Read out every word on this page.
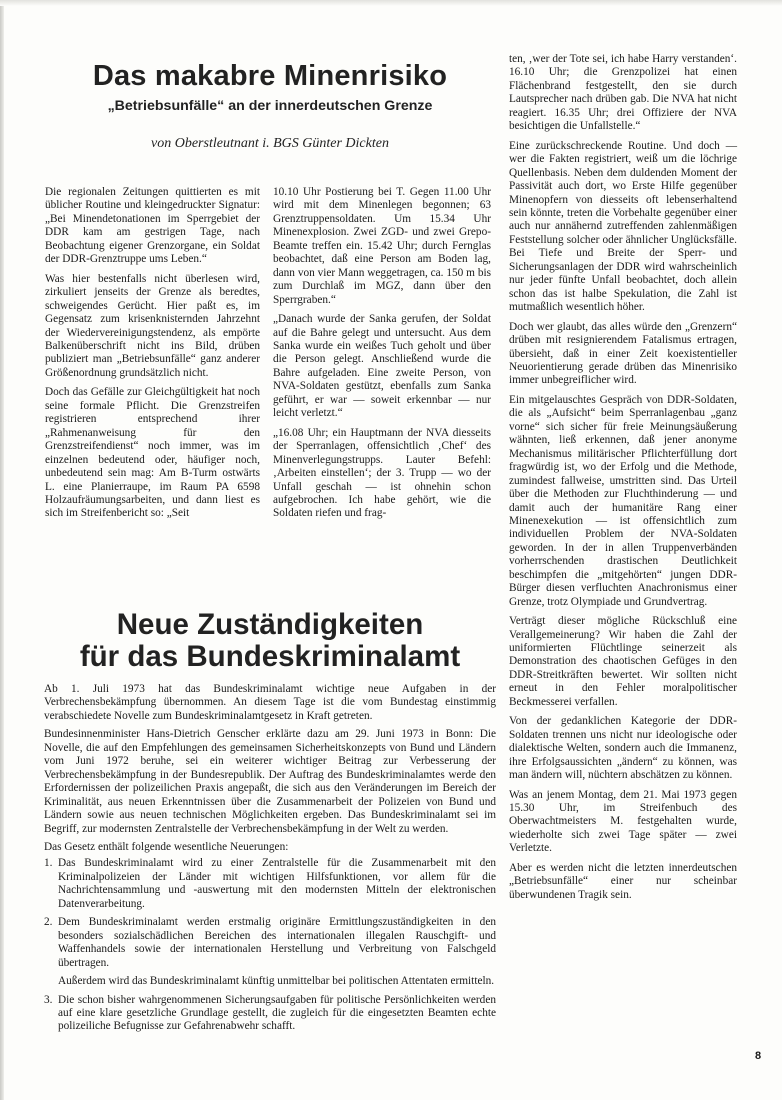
Das makabre Minenrisiko
„Betriebsunfälle“ an der innerdeutschen Grenze
von Oberstleutnant i. BGS Günter Dickten

Die regionalen Zeitungen quittierten es mit üblicher Routine und kleingedruckter Signatur: „Bei Minendetonationen im Sperrgebiet der DDR kam am gestrigen Tage, nach Beobachtung eigener Grenzorgane, ein Soldat der DDR-Grenztruppe ums Leben.“

Was hier bestenfalls nicht überlesen wird, zirkuliert jenseits der Grenze als beredtes, schweigendes Gerücht. Hier paßt es, im Gegensatz zum krisenknisternden Jahrzehnt der Wiedervereinigungstendenz, als empörte Balkenüberschrift nicht ins Bild, drüben publiziert man „Betriebsunfälle“ ganz anderer Größenordnung grundsätzlich nicht.

Doch das Gefälle zur Gleichgültigkeit hat noch seine formale Pflicht. Die Grenzstreifen registrieren entsprechend ihrer „Rahmenanweisung für den Grenzstreifendienst“ noch immer, was im einzelnen bedeutend oder, häufiger noch, unbedeutend sein mag: Am B-Turm ostwärts L. eine Planierraupe, im Raum PA 6598 Holzaufräumungsarbeiten, und dann liest es sich im Streifenbericht so: „Seit

10.10 Uhr Postierung bei T. Gegen 11.00 Uhr wird mit dem Minenlegen begonnen; 63 Grenztruppensoldaten. Um 15.34 Uhr Minenexplosion. Zwei ZGD- und zwei Grepo-Beamte treffen ein. 15.42 Uhr; durch Fernglas beobachtet, daß eine Person am Boden lag, dann von vier Mann weggetragen, ca. 150 m bis zum Durchlaß im MGZ, dann über den Sperrgraben.“

„Danach wurde der Sanka gerufen, der Soldat auf die Bahre gelegt und untersucht. Aus dem Sanka wurde ein weißes Tuch geholt und über die Person gelegt. Anschließend wurde die Bahre aufgeladen. Eine zweite Person, von NVA-Soldaten gestützt, ebenfalls zum Sanka geführt, er war — soweit erkennbar — nur leicht verletzt.“

„16.08 Uhr; ein Hauptmann der NVA diesseits der Sperranlagen, offensichtlich ‚Chef‘ des Minenverlegungstrupps. Lauter Befehl: ‚Arbeiten einstellen‘; der 3. Trupp — wo der Unfall geschah — ist ohnehin schon aufgebrochen. Ich habe gehört, wie die Soldaten riefen und frag-

ten, ‚wer der Tote sei, ich habe Harry verstanden‘. 16.10 Uhr; die Grenzpolizei hat einen Flächenbrand festgestellt, den sie durch Lautsprecher nach drüben gab. Die NVA hat nicht reagiert. 16.35 Uhr; drei Offiziere der NVA besichtigen die Unfallstelle.“

Eine zurückschreckende Routine. Und doch — wer die Fakten registriert, weiß um die löchrige Quellenbasis. Neben dem duldenden Moment der Passivität auch dort, wo Erste Hilfe gegenüber Minenopfern von diesseits oft lebenserhaltend sein könnte, treten die Vorbehalte gegenüber einer auch nur annähernd zutreffenden zahlenmäßigen Feststellung solcher oder ähnlicher Unglücksfälle. Bei Tiefe und Breite der Sperr- und Sicherungsanlagen der DDR wird wahrscheinlich nur jeder fünfte Unfall beobachtet, doch allein schon das ist halbe Spekulation, die Zahl ist mutmaßlich wesentlich höher.

Doch wer glaubt, das alles würde den „Grenzern“ drüben mit resignierendem Fatalismus ertragen, übersieht, daß in einer Zeit koexistentieller Neuorientierung gerade drüben das Minenrisiko immer unbegreiflicher wird.

Ein mitgelauschtes Gespräch von DDR-Soldaten, die als „Aufsicht“ beim Sperranlagenbau „ganz vorne“ sich sicher für freie Meinungsäußerung wähnten, ließ erkennen, daß jener anonyme Mechanismus militärischer Pflichterfüllung dort fragwürdig ist, wo der Erfolg und die Methode, zumindest fallweise, umstritten sind. Das Urteil über die Methoden zur Fluchthinderung — und damit auch der humanitäre Rang einer Minenexekution — ist offensichtlich zum individuellen Problem der NVA-Soldaten geworden. In der in allen Truppenverbänden vorherrschenden drastischen Deutlichkeit beschimpfen die „mitgehörten“ jungen DDR-Bürger diesen verfluchten Anachronismus einer Grenze, trotz Olympiade und Grundvertrag.

Verträgt dieser mögliche Rückschluß eine Verallgemeinerung? Wir haben die Zahl der uniformierten Flüchtlinge seinerzeit als Demonstration des chaotischen Gefüges in den DDR-Streitkräften bewertet. Wir sollten nicht erneut in den Fehler moralpolitischer Beckmesserei verfallen.

Von der gedanklichen Kategorie der DDR-Soldaten trennen uns nicht nur ideologische oder dialektische Welten, sondern auch die Immanenz, ihre Erfolgsaussichten „ändern“ zu können, was man ändern will, nüchtern abschätzen zu können.

Was an jenem Montag, dem 21. Mai 1973 gegen 15.30 Uhr, im Streifenbuch des Oberwachtmeisters M. festgehalten wurde, wiederholte sich zwei Tage später — zwei Verletzte.

Aber es werden nicht die letzten innerdeutschen „Betriebsunfälle“ einer nur scheinbar überwundenen Tragik sein.

Neue Zuständigkeiten
für das Bundeskriminalamt

Ab 1. Juli 1973 hat das Bundeskriminalamt wichtige neue Aufgaben in der Verbrechensbekämpfung übernommen. An diesem Tage ist die vom Bundestag einstimmig verabschiedete Novelle zum Bundeskriminalamtgesetz in Kraft getreten.

Bundesinnenminister Hans-Dietrich Genscher erklärte dazu am 29. Juni 1973 in Bonn: Die Novelle, die auf den Empfehlungen des gemeinsamen Sicherheitskonzepts von Bund und Ländern vom Juni 1972 beruhe, sei ein weiterer wichtiger Beitrag zur Verbesserung der Verbrechensbekämpfung in der Bundesrepublik. Der Auftrag des Bundeskriminalamtes werde den Erfordernissen der polizeilichen Praxis angepaßt, die sich aus den Veränderungen im Bereich der Kriminalität, aus neuen Erkenntnissen über die Zusammenarbeit der Polizeien von Bund und Ländern sowie aus neuen technischen Möglichkeiten ergeben. Das Bundeskriminalamt sei im Begriff, zur modernsten Zentralstelle der Verbrechensbekämpfung in der Welt zu werden.

Das Gesetz enthält folgende wesentliche Neuerungen:

1. Das Bundeskriminalamt wird zu einer Zentralstelle für die Zusammenarbeit mit den Kriminalpolizeien der Länder mit wichtigen Hilfsfunktionen, vor allem für die Nachrichtensammlung und -auswertung mit den modernsten Mitteln der elektronischen Datenverarbeitung.

2. Dem Bundeskriminalamt werden erstmalig originäre Ermittlungszuständigkeiten in den besonders sozialschädlichen Bereichen des internationalen illegalen Rauschgift- und Waffenhandels sowie der internationalen Herstellung und Verbreitung von Falschgeld übertragen.

Außerdem wird das Bundeskriminalamt künftig unmittelbar bei politischen Attentaten ermitteln.

3. Die schon bisher wahrgenommenen Sicherungsaufgaben für politische Persönlichkeiten werden auf eine klare gesetzliche Grundlage gestellt, die zugleich für die eingesetzten Beamten echte polizeiliche Befugnisse zur Gefahrenabwehr schafft.

8
